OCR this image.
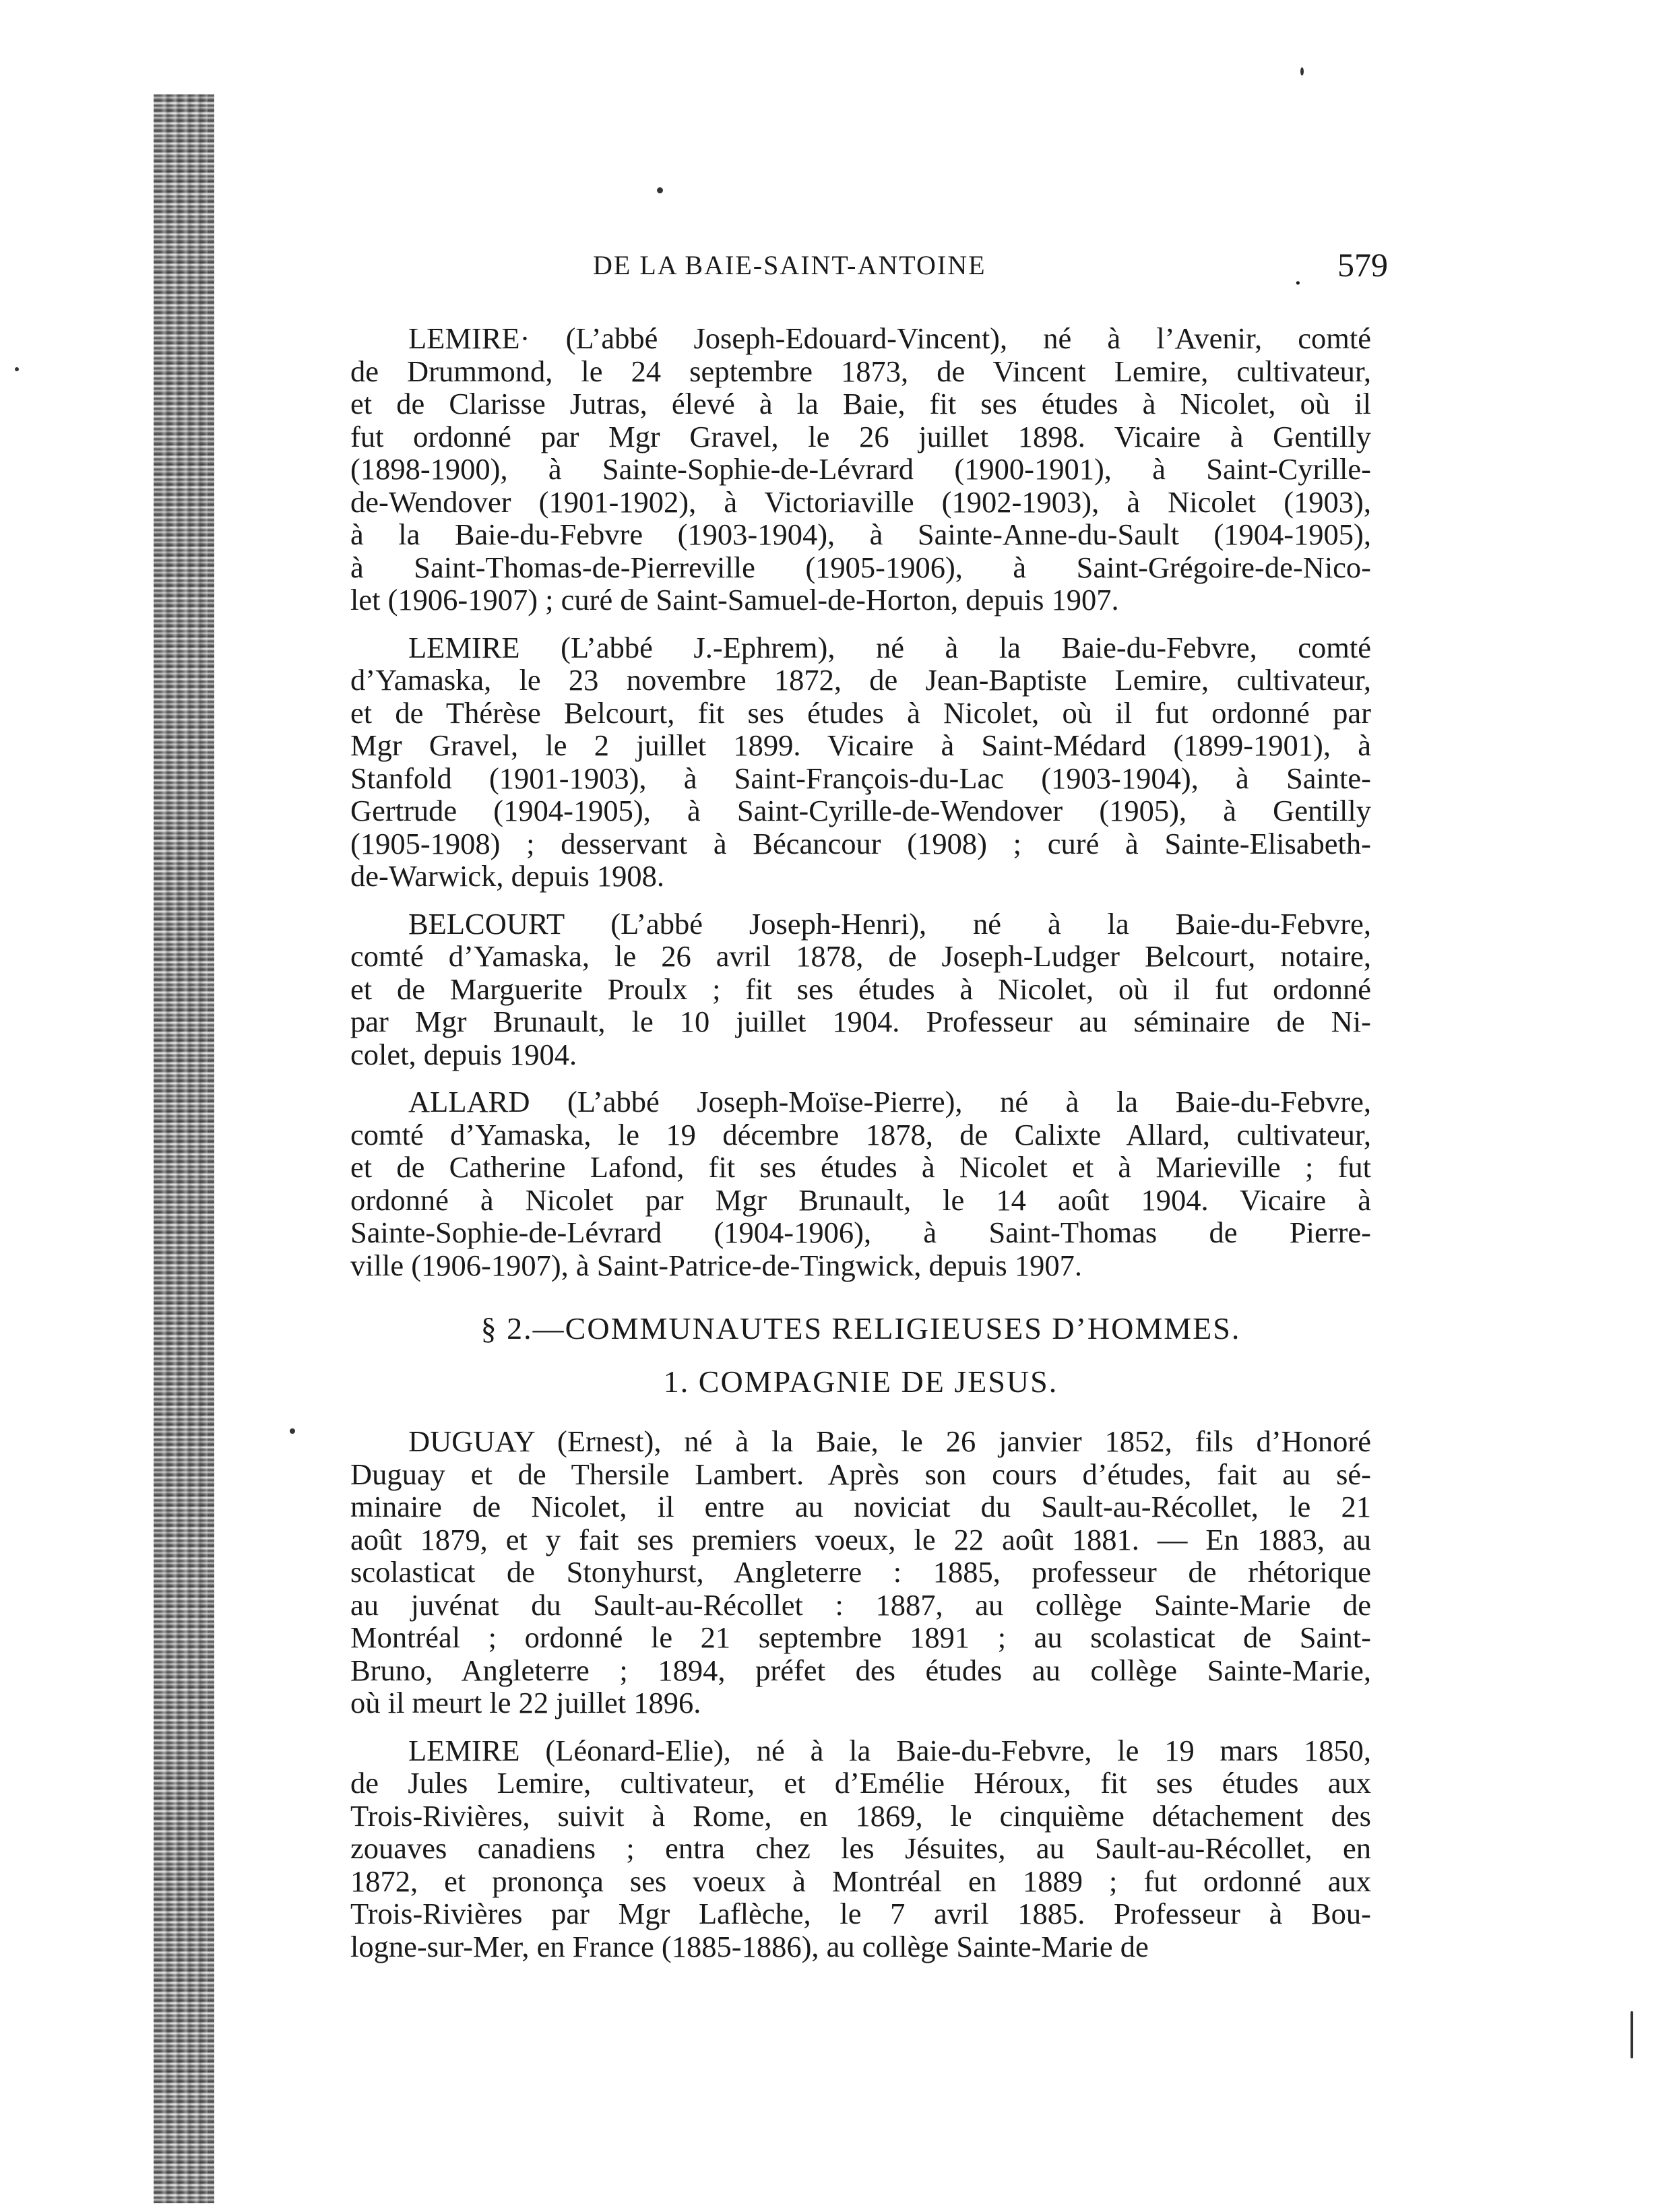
DE LA BAIE-SAINT-ANTOINE	. 579
LEMIRE· (L’abbé Joseph-Edouard-Vincent), né à l’Avenir, comté
de Drummond, le 24 septembre 1873, de Vincent Lemire, cultivateur,
et de Clarisse Jutras, élevé à la Baie, fit ses études à Nicolet, où il
fut ordonné par Mgr Gravel, le 26 juillet 1898. Vicaire à Gentilly
(1898-1900), à Sainte-Sophie-de-Lévrard (1900-1901), à Saint-Cyrille-
de-Wendover (1901-1902), à Victoriaville (1902-1903), à Nicolet (1903),
à la Baie-du-Febvre (1903-1904), à Sainte-Anne-du-Sault (1904-1905),
à Saint-Thomas-de-Pierreville (1905-1906), à Saint-Grégoire-de-Nico-
let (1906-1907) ; curé de Saint-Samuel-de-Horton, depuis 1907.
LEMIRE (L’abbé J.-Ephrem), né à la Baie-du-Febvre, comté
d’Yamaska, le 23 novembre 1872, de Jean-Baptiste Lemire, cultivateur,
et de Thérèse Belcourt, fit ses études à Nicolet, où il fut ordonné par
Mgr Gravel, le 2 juillet 1899. Vicaire à Saint-Médard (1899-1901), à
Stanfold (1901-1903), à Saint-François-du-Lac (1903-1904), à Sainte-
Gertrude (1904-1905), à Saint-Cyrille-de-Wendover (1905), à Gentilly
(1905-1908) ; desservant à Bécancour (1908) ; curé à Sainte-Elisabeth-
de-Warwick, depuis 1908.
BELCOURT (L’abbé Joseph-Henri), né à la Baie-du-Febvre,
comté d’Yamaska, le 26 avril 1878, de Joseph-Ludger Belcourt, notaire,
et de Marguerite Proulx ; fit ses études à Nicolet, où il fut ordonné
par Mgr Brunault, le 10 juillet 1904. Professeur au séminaire de Ni-
colet, depuis 1904.
ALLARD (L’abbé Joseph-Moïse-Pierre), né à la Baie-du-Febvre,
comté d’Yamaska, le 19 décembre 1878, de Calixte Allard, cultivateur,
et de Catherine Lafond, fit ses études à Nicolet et à Marieville ; fut
ordonné à Nicolet par Mgr Brunault, le 14 août 1904. Vicaire à
Sainte-Sophie-de-Lévrard (1904-1906), à Saint-Thomas de Pierre-
ville (1906-1907), à Saint-Patrice-de-Tingwick, depuis 1907.
§ 2.—COMMUNAUTES RELIGIEUSES D’HOMMES.
1. COMPAGNIE DE JESUS.
DUGUAY (Ernest), né à la Baie, le 26 janvier 1852, fils d’Honoré
Duguay et de Thersile Lambert. Après son cours d’études, fait au sé-
minaire de Nicolet, il entre au noviciat du Sault-au-Récollet, le 21
août 1879, et y fait ses premiers voeux, le 22 août 1881. — En 1883, au
scolasticat de Stonyhurst, Angleterre : 1885, professeur de rhétorique
au juvénat du Sault-au-Récollet : 1887, au collège Sainte-Marie de
Montréal ; ordonné le 21 septembre 1891 ; au scolasticat de Saint-
Bruno, Angleterre ; 1894, préfet des études au collège Sainte-Marie,
où il meurt le 22 juillet 1896.
LEMIRE (Léonard-Elie), né à la Baie-du-Febvre, le 19 mars 1850,
de Jules Lemire, cultivateur, et d’Emélie Héroux, fit ses études aux
Trois-Rivières, suivit à Rome, en 1869, le cinquième détachement des
zouaves canadiens ; entra chez les Jésuites, au Sault-au-Récollet, en
1872, et prononça ses voeux à Montréal en 1889 ; fut ordonné aux
Trois-Rivières par Mgr Laflèche, le 7 avril 1885. Professeur à Bou-
logne-sur-Mer, en France (1885-1886), au collège Sainte-Marie de
